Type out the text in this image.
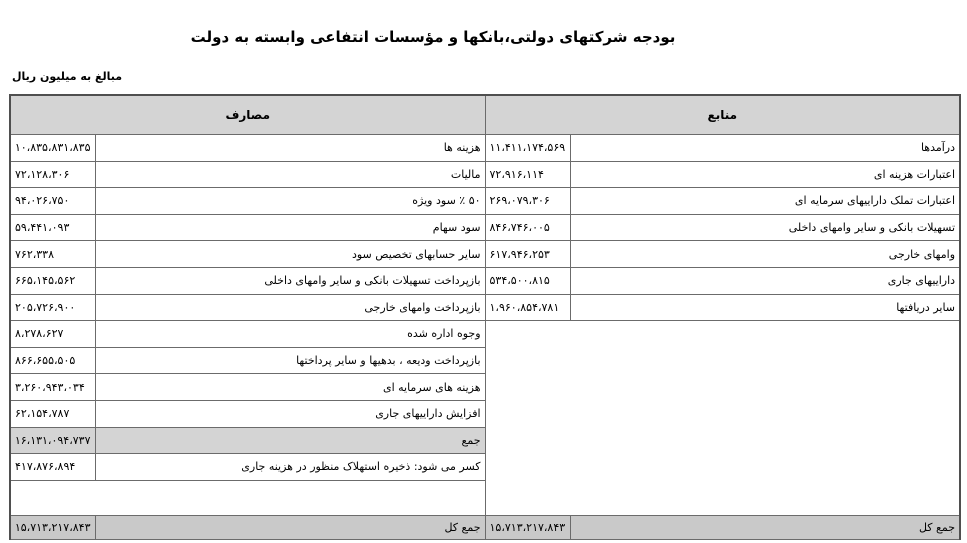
بودجه شرکتهای دولتی،بانکها و مؤسسات انتفاعی وابسته به دولت
مبالغ به میلیون ریال
مصارف		منابع	
۱۰،۸۳۵،۸۳۱،۸۳۵	هزینه ها	۱۱،۴۱۱،۱۷۴،۵۶۹	درآمدها
۷۲،۱۲۸،۳۰۶	مالیات	۷۲،۹۱۶،۱۱۴	اعتبارات هزینه ای
۹۴،۰۲۶،۷۵۰	۵۰ ٪ سود ویژه	۲۶۹،۰۷۹،۳۰۶	اعتبارات تملک داراییهای سرمایه ای
۵۹،۴۴۱،۰۹۳	سود سهام	۸۴۶،۷۴۶،۰۰۵	تسهیلات بانکی و سایر وامهای داخلی
۷۶۲،۳۳۸	سایر حسابهای تخصیص سود	۶۱۷،۹۴۶،۲۵۳	وامهای خارجی
۶۶۵،۱۴۵،۵۶۲	بازپرداخت تسهیلات بانکی و سایر وامهای داخلی	۵۳۴،۵۰۰،۸۱۵	داراییهای جاری
۲۰۵،۷۲۶،۹۰۰	بازپرداخت وامهای خارجی	۱،۹۶۰،۸۵۴،۷۸۱	سایر دریافتها
۸،۲۷۸،۶۲۷	وجوه اداره شده		
۸۶۶،۶۵۵،۵۰۵	بازپرداخت ودیعه ، بدهیها و سایر پرداختها		
۳،۲۶۰،۹۴۳،۰۳۴	هزینه های سرمایه ای		
۶۲،۱۵۴،۷۸۷	افزایش داراییهای جاری		
۱۶،۱۳۱،۰۹۴،۷۳۷	جمع		
۴۱۷،۸۷۶،۸۹۴	کسر می شود: ذخیره استهلاک منظور در هزینه جاری		

۱۵،۷۱۳،۲۱۷،۸۴۳	جمع کل	۱۵،۷۱۳،۲۱۷،۸۴۳	جمع کل
